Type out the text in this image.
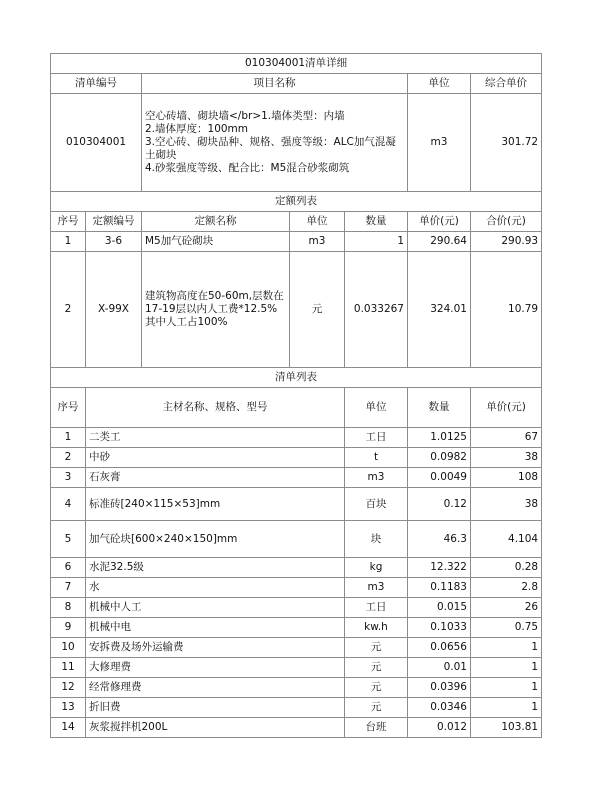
010304001清单详细							
清单编号		项目名称			单位	综合单价	
010304001		空心砖墙、砌块墙</br>1.墙体类型：内墙
2.墙体厚度：100mm
3.空心砖、砌块品种、规格、强度等级：ALC加气混凝土砌块
4.砂浆强度等级、配合比：M5混合砂浆砌筑			m3	301.72	
定额列表							
序号	定额编号	定额名称	单位	数量	单价(元)	合价(元)	
1	3-6	M5加气砼砌块	m3	1	290.64	290.93	
2	X-99X	建筑物高度在50-60m,层数在17-19层以内人工费*12.5%其中人工占100%	元	0.033267	324.01	10.79	
清单列表							
序号	主材名称、规格、型号			单位	数量	单价(元)	
1	二类工			工日	1.0125	67	
2	中砂			t	0.0982	38	
3	石灰膏			m3	0.0049	108	
4	标准砖[240×115×53]mm			百块	0.12	38	
5	加气砼块[600×240×150]mm			块	46.3	4.104	
6	水泥32.5级			kg	12.322	0.28	
7	水			m3	0.1183	2.8	
8	机械中人工			工日	0.015	26	
9	机械中电			kw.h	0.1033	0.75	
10	安拆费及场外运输费			元	0.0656	1	
11	大修理费			元	0.01	1	
12	经常修理费			元	0.0396	1	
13	折旧费			元	0.0346	1	
14	灰浆搅拌机200L			台班	0.012	103.81	
